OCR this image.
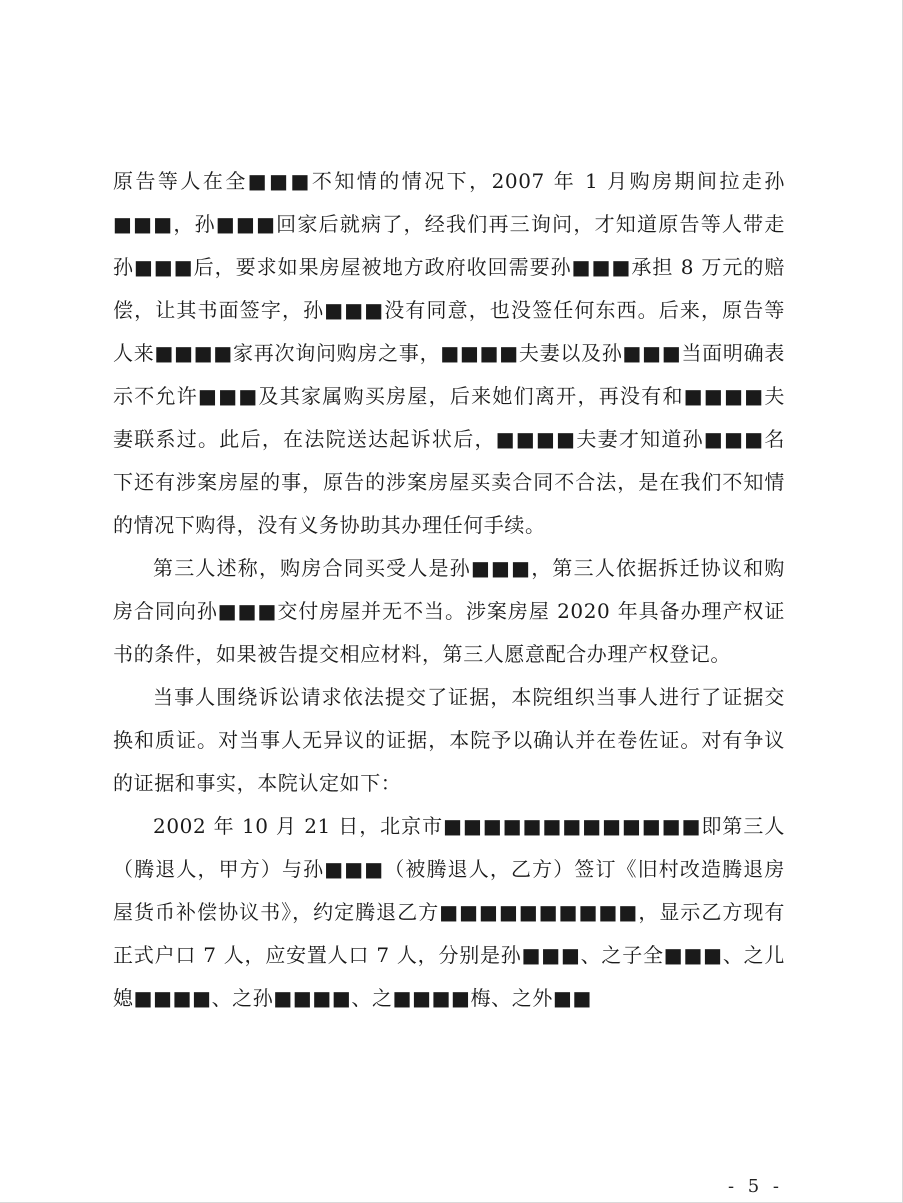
原告等人在全■■■不知情的情况下，2007 年 1 月购房期间拉走孙■■■，孙■■■回家后就病了，经我们再三询问，才知道原告等人带走孙■■■后，要求如果房屋被地方政府收回需要孙■■■承担 8 万元的赔偿，让其书面签字，孙■■■没有同意，也没签任何东西。后来，原告等人来■■■■家再次询问购房之事，■■■■夫妻以及孙■■■当面明确表示不允许■■■及其家属购买房屋，后来她们离开，再没有和■■■■夫妻联系过。此后，在法院送达起诉状后，■■■■夫妻才知道孙■■■名下还有涉案房屋的事，原告的涉案房屋买卖合同不合法，是在我们不知情的情况下购得，没有义务协助其办理任何手续。

第三人述称，购房合同买受人是孙■■■，第三人依据拆迁协议和购房合同向孙■■■交付房屋并无不当。涉案房屋 2020 年具备办理产权证书的条件，如果被告提交相应材料，第三人愿意配合办理产权登记。

当事人围绕诉讼请求依法提交了证据，本院组织当事人进行了证据交换和质证。对当事人无异议的证据，本院予以确认并在卷佐证。对有争议的证据和事实，本院认定如下：

2002 年 10 月 21 日，北京市■■■■■■■■■■■■■即第三人（腾退人，甲方）与孙■■■（被腾退人，乙方）签订《旧村改造腾退房屋货币补偿协议书》，约定腾退乙方■■■■■■■■■■，显示乙方现有正式户口 7 人，应安置人口 7 人，分别是孙■■■、之子全■■■、之儿媳■■■■、之孙■■■■、之■■■■梅、之外■■

- 5 -
